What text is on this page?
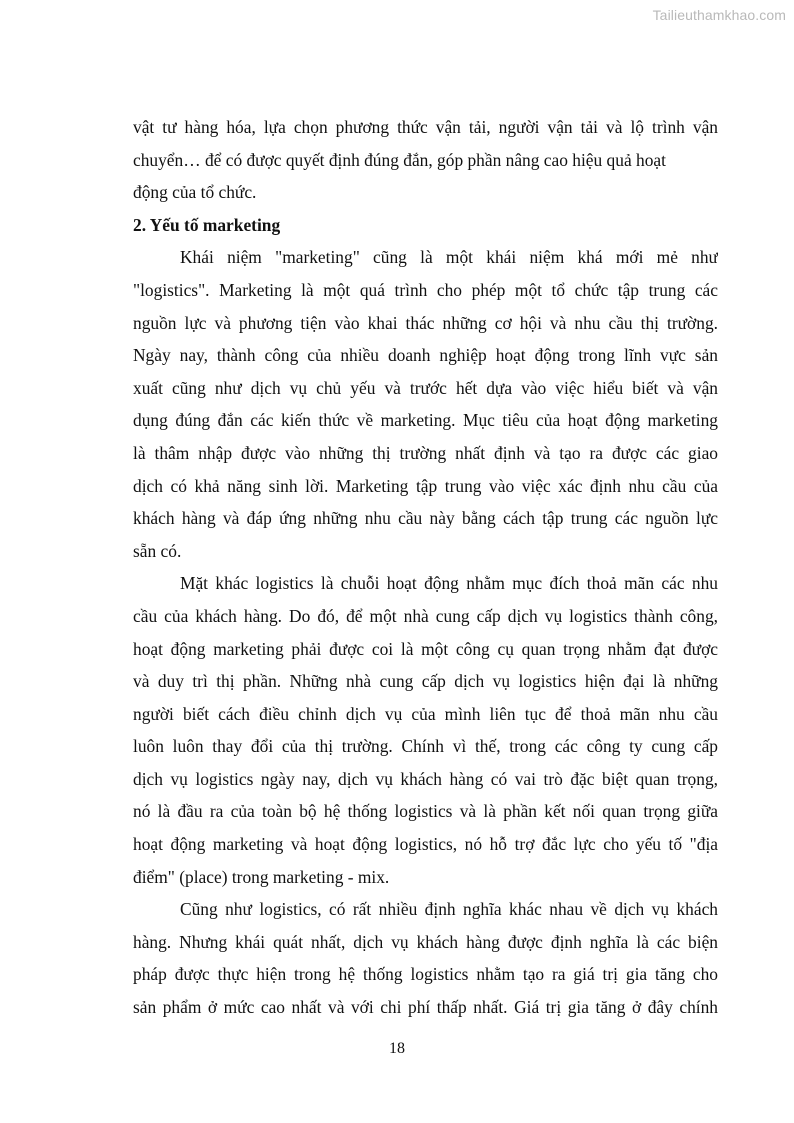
Tailieuthamkhao.com
vật tư hàng hóa, lựa chọn phương thức vận tải, người vận tải và lộ trình vận
chuyển… để có được quyết định đúng đắn, góp phần nâng cao hiệu quả hoạt
động của tổ chức.
2. Yếu tố marketing
Khái niệm "marketing" cũng là một khái niệm khá mới mẻ như
"logistics". Marketing là một quá trình cho phép một tổ chức tập trung các
nguồn lực và phương tiện vào khai thác những cơ hội và nhu cầu thị trường.
Ngày nay, thành công của nhiều doanh nghiệp hoạt động trong lĩnh vực sản
xuất cũng như dịch vụ chủ yếu và trước hết dựa vào việc hiểu biết và vận
dụng đúng đắn các kiến thức về marketing. Mục tiêu của hoạt động marketing
là thâm nhập được vào những thị trường nhất định và tạo ra được các giao
dịch có khả năng sinh lời. Marketing tập trung vào việc xác định nhu cầu của
khách hàng và đáp ứng những nhu cầu này bằng cách tập trung các nguồn lực
sẵn có.
Mặt khác logistics là chuỗi hoạt động nhằm mục đích thoả mãn các nhu
cầu của khách hàng. Do đó, để một nhà cung cấp dịch vụ logistics thành công,
hoạt động marketing phải được coi là một công cụ quan trọng nhằm đạt được
và duy trì thị phần. Những nhà cung cấp dịch vụ logistics hiện đại là những
người biết cách điều chỉnh dịch vụ của mình liên tục để thoả mãn nhu cầu
luôn luôn thay đổi của thị trường. Chính vì thế, trong các công ty cung cấp
dịch vụ logistics ngày nay, dịch vụ khách hàng có vai trò đặc biệt quan trọng,
nó là đầu ra của toàn bộ hệ thống logistics và là phần kết nối quan trọng giữa
hoạt động marketing và hoạt động logistics, nó hỗ trợ đắc lực cho yếu tố "địa
điểm" (place) trong marketing - mix.
Cũng như logistics, có rất nhiều định nghĩa khác nhau về dịch vụ khách
hàng. Nhưng khái quát nhất, dịch vụ khách hàng được định nghĩa là các biện
pháp được thực hiện trong hệ thống logistics nhằm tạo ra giá trị gia tăng cho
sản phẩm ở mức cao nhất và với chi phí thấp nhất. Giá trị gia tăng ở đây chính
18
